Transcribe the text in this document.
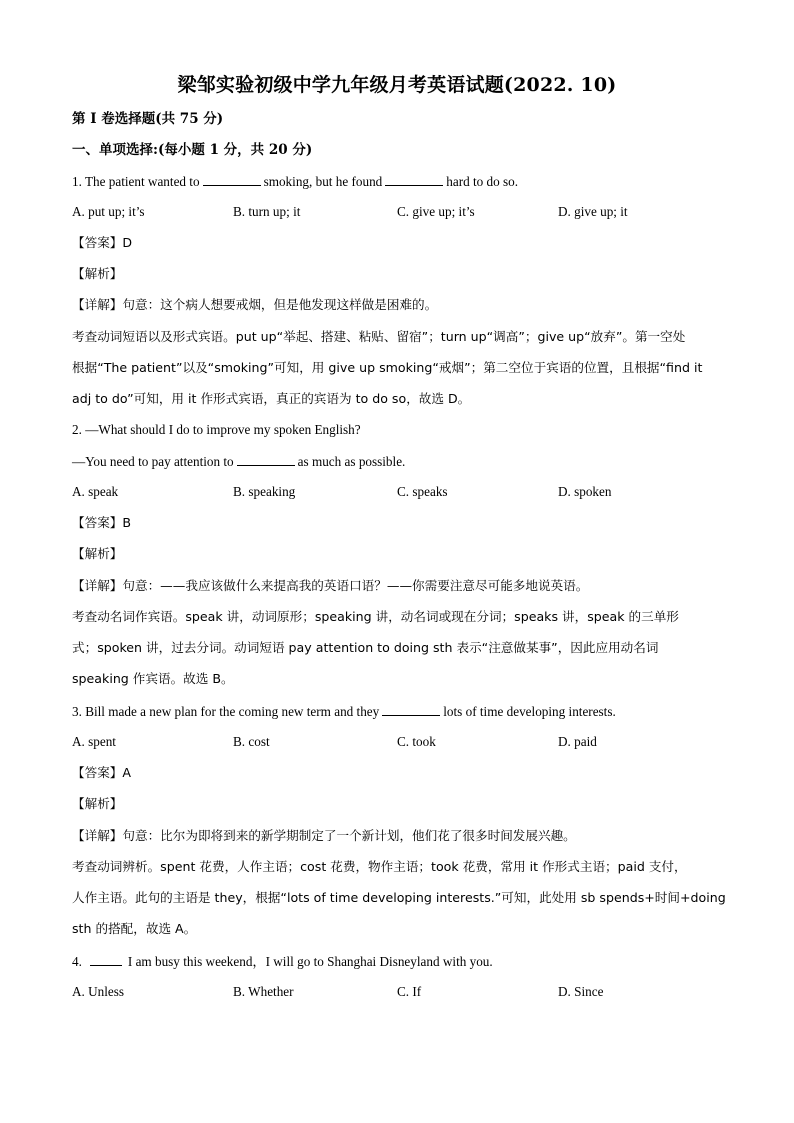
梁邹实验初级中学九年级月考英语试题(2022. 10)
第 I 卷选择题(共 75 分)
一、单项选择:(每小题 1 分，共 20 分)
1. The patient wanted to	smoking, but he found	hard to do so.
A. put up; it’s	B. turn up; it	C. give up; it’s	D. give up; it
【答案】D
【解析】
【详解】句意：这个病人想要戒烟，但是他发现这样做是困难的。
考查动词短语以及形式宾语。put up“举起、搭建、粘贴、留宿”；turn up“调高”；give up“放弃”。第一空处
根据“The patient”以及“smoking”可知，用 give up smoking“戒烟”；第二空位于宾语的位置，且根据“find it
adj to do”可知，用 it 作形式宾语，真正的宾语为 to do so，故选 D。
2. —What should I do to improve my spoken English?
—You need to pay attention to	as much as possible.
A. speak	B. speaking	C. speaks	D. spoken
【答案】B
【解析】
【详解】句意：——我应该做什么来提高我的英语口语？——你需要注意尽可能多地说英语。
考查动名词作宾语。speak 讲，动词原形；speaking 讲，动名词或现在分词；speaks 讲，speak 的三单形
式；spoken 讲，过去分词。动词短语 pay attention to doing sth 表示“注意做某事”，因此应用动名词
speaking 作宾语。故选 B。
3. Bill made a new plan for the coming new term and they	lots of time developing interests.
A. spent	B. cost	C. took	D. paid
【答案】A
【解析】
【详解】句意：比尔为即将到来的新学期制定了一个新计划，他们花了很多时间发展兴趣。
考查动词辨析。spent 花费，人作主语；cost 花费，物作主语；took 花费，常用 it 作形式主语；paid 支付，
人作主语。此句的主语是 they，根据“lots of time developing interests.”可知，此处用 sb spends+时间+doing
sth 的搭配，故选 A。
4.	I am busy this weekend，I will go to Shanghai Disneyland with you.
A. Unless	B. Whether	C. If	D. Since
